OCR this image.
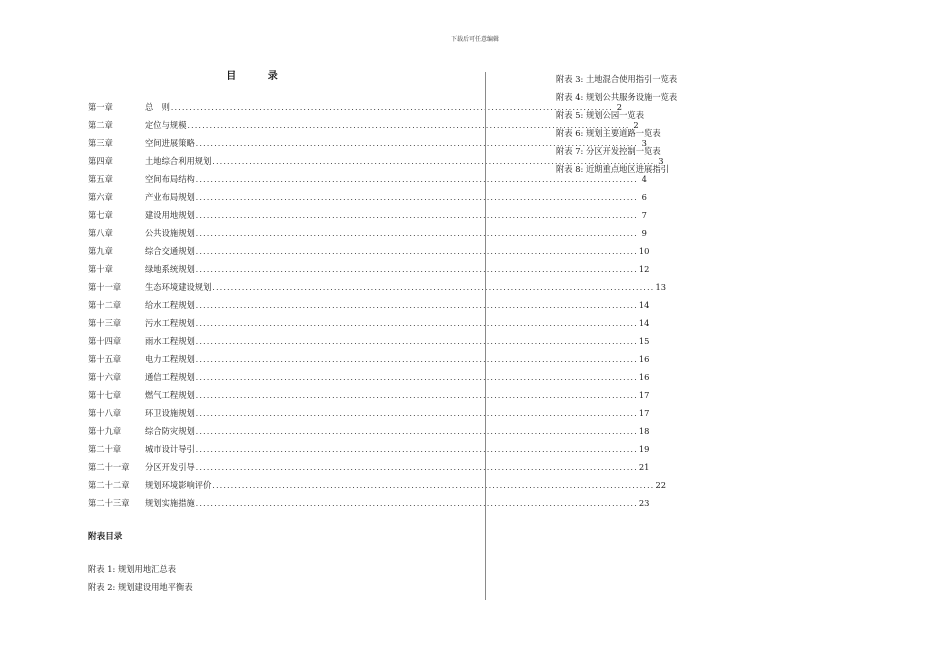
下载后可任意编辑
目 录
第一章	总　则 ........................................................................................................................ 2
第二章	定位与规模 ........................................................................................................................ 2
第三章	空间进展策略 ........................................................................................................................ 3
第四章	土地综合利用规划 ........................................................................................................................ 3
第五章	空间布局结构 ........................................................................................................................ 4
第六章	产业布局规划 ........................................................................................................................ 6
第七章	建设用地规划 ........................................................................................................................ 7
第八章	公共设施规划 ........................................................................................................................ 9
第九章	综合交通规划 ........................................................................................................................ 10
第十章	绿地系统规划 ........................................................................................................................ 12
第十一章	生态环境建设规划 ........................................................................................................................ 13
第十二章	给水工程规划 ........................................................................................................................ 14
第十三章	污水工程规划 ........................................................................................................................ 14
第十四章	雨水工程规划 ........................................................................................................................ 15
第十五章	电力工程规划 ........................................................................................................................ 16
第十六章	通信工程规划 ........................................................................................................................ 16
第十七章	燃气工程规划 ........................................................................................................................ 17
第十八章	环卫设施规划 ........................................................................................................................ 17
第十九章	综合防灾规划 ........................................................................................................................ 18
第二十章	城市设计导引 ........................................................................................................................ 19
第二十一章	分区开发引导 ........................................................................................................................ 21
第二十二章	规划环境影响评价 ........................................................................................................................ 22
第二十三章	规划实施措施 ........................................................................................................................ 23
附表目录
附表 1: 规划用地汇总表
附表 2: 规划建设用地平衡表
附表 3: 土地混合使用指引一览表
附表 4: 规划公共服务设施一览表
附表 5: 规划公园一览表
附表 6: 规划主要道路一览表
附表 7: 分区开发控制一览表
附表 8: 近期重点地区进展指引
